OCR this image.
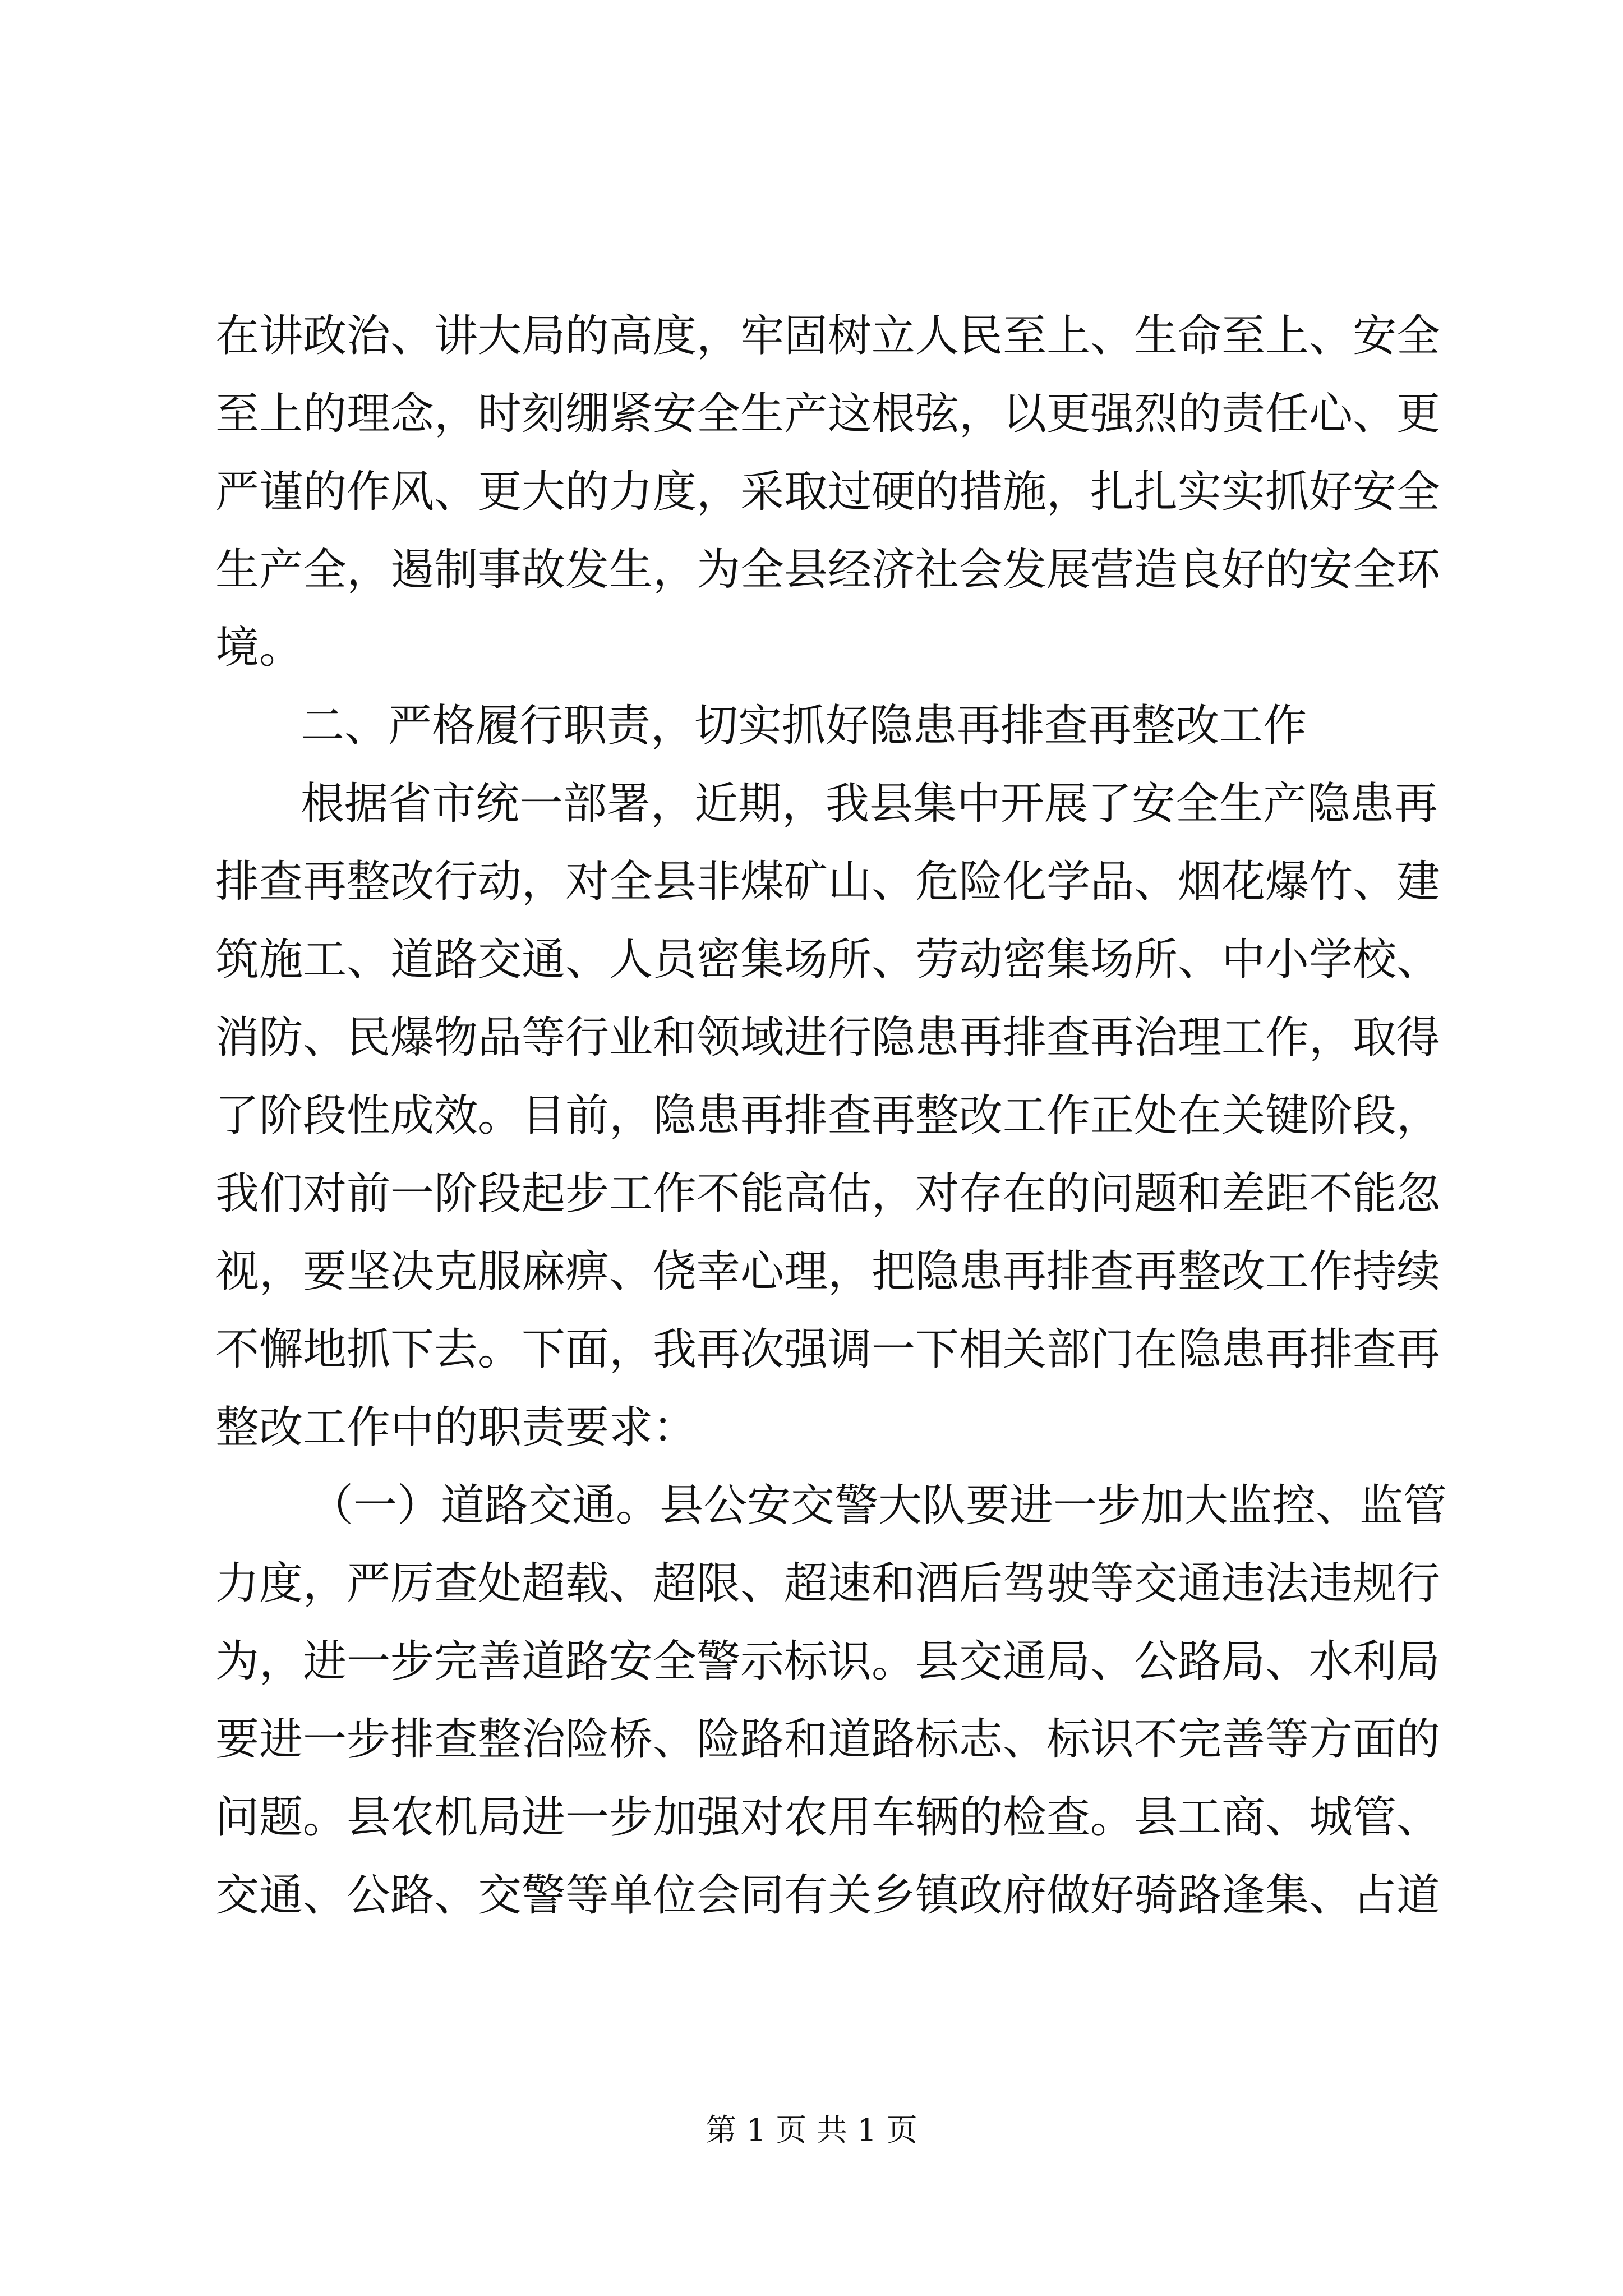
在讲政治、讲大局的高度，牢固树立人民至上、生命至上、安全
至上的理念，时刻绷紧安全生产这根弦，以更强烈的责任心、更
严谨的作风、更大的力度，采取过硬的措施，扎扎实实抓好安全
生产全，遏制事故发生，为全县经济社会发展营造良好的安全环
境。
二、严格履行职责，切实抓好隐患再排查再整改工作
根据省市统一部署，近期，我县集中开展了安全生产隐患再
排查再整改行动，对全县非煤矿山、危险化学品、烟花爆竹、建
筑施工、道路交通、人员密集场所、劳动密集场所、中小学校、
消防、民爆物品等行业和领域进行隐患再排查再治理工作，取得
了阶段性成效。目前，隐患再排查再整改工作正处在关键阶段，
我们对前一阶段起步工作不能高估，对存在的问题和差距不能忽
视，要坚决克服麻痹、侥幸心理，把隐患再排查再整改工作持续
不懈地抓下去。下面，我再次强调一下相关部门在隐患再排查再
整改工作中的职责要求：
（一）道路交通。县公安交警大队要进一步加大监控、监管
力度，严厉查处超载、超限、超速和酒后驾驶等交通违法违规行
为，进一步完善道路安全警示标识。县交通局、公路局、水利局
要进一步排查整治险桥、险路和道路标志、标识不完善等方面的
问题。县农机局进一步加强对农用车辆的检查。县工商、城管、
交通、公路、交警等单位会同有关乡镇政府做好骑路逢集、占道
第 1 页 共 1 页
